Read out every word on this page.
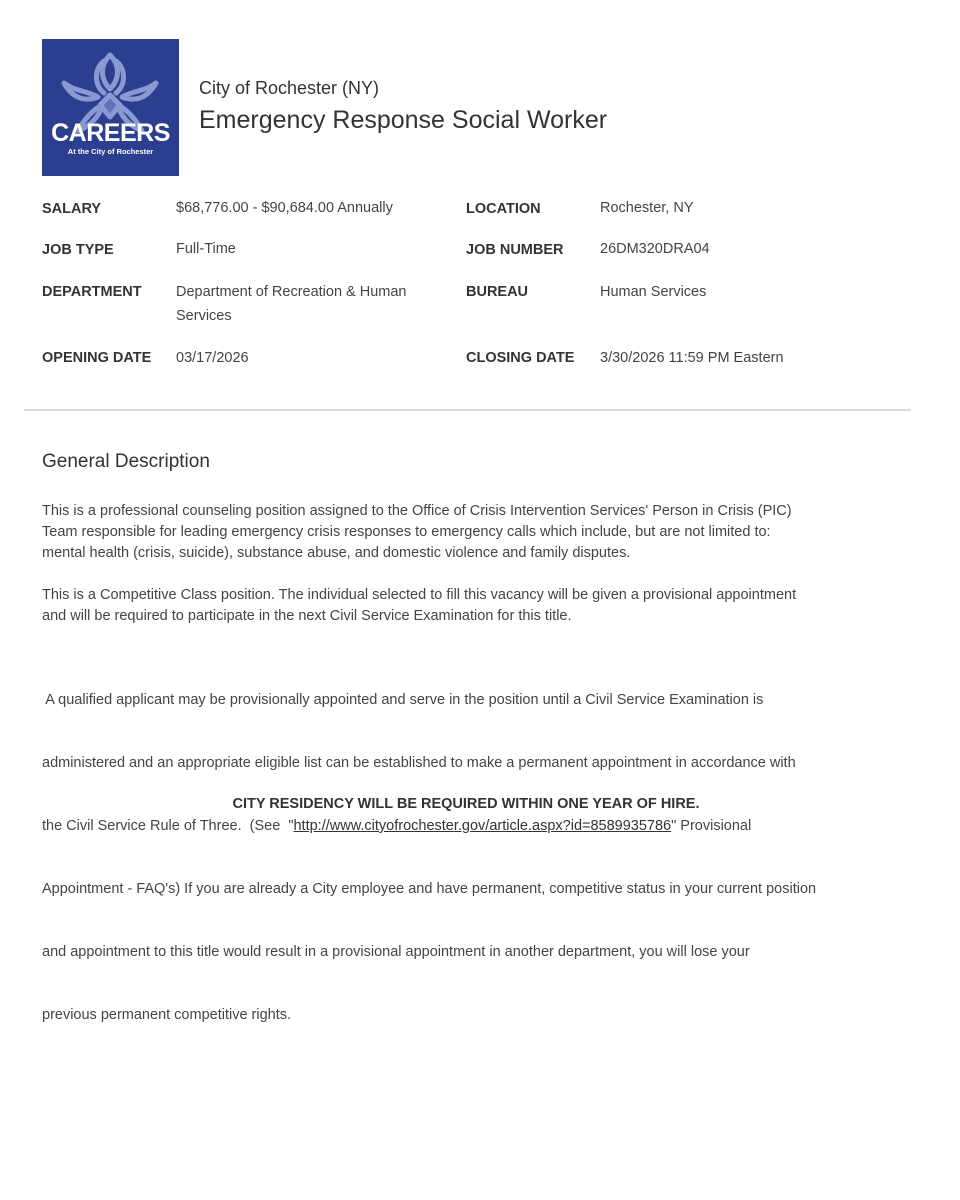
CAREERS
At the City of Rochester
City of Rochester (NY)
Emergency Response Social Worker
SALARY	$68,776.00 - $90,684.00 Annually	LOCATION	Rochester, NY
JOB TYPE	Full-Time	JOB NUMBER	26DM320DRA04
DEPARTMENT Department of Recreation & Human
Services
BUREAU	Human Services
OPENING DATE 03/17/2026	CLOSING DATE 3/30/2026 11:59 PM Eastern
General Description
This is a professional counseling position assigned to the Office of Crisis Intervention Services' Person in Crisis (PIC)
Team responsible for leading emergency crisis responses to emergency calls which include, but are not limited to:
mental health (crisis, suicide), substance abuse, and domestic violence and family disputes.
This is a Competitive Class position. The individual selected to fill this vacancy will be given a provisional appointment
and will be required to participate in the next Civil Service Examination for this title.

A qualified applicant may be provisionally appointed and serve in the position until a Civil Service Examination is

administered and an appropriate eligible list can be established to make a permanent appointment in accordance with

the Civil Service Rule of Three.  (See  "http://www.cityofrochester.gov/article.aspx?id=8589935786" Provisional

Appointment - FAQ's) If you are already a City employee and have permanent, competitive status in your current position

and appointment to this title would result in a provisional appointment in another department, you will lose your

previous permanent competitive rights.

CITY RESIDENCY WILL BE REQUIRED WITHIN ONE YEAR OF HIRE.
